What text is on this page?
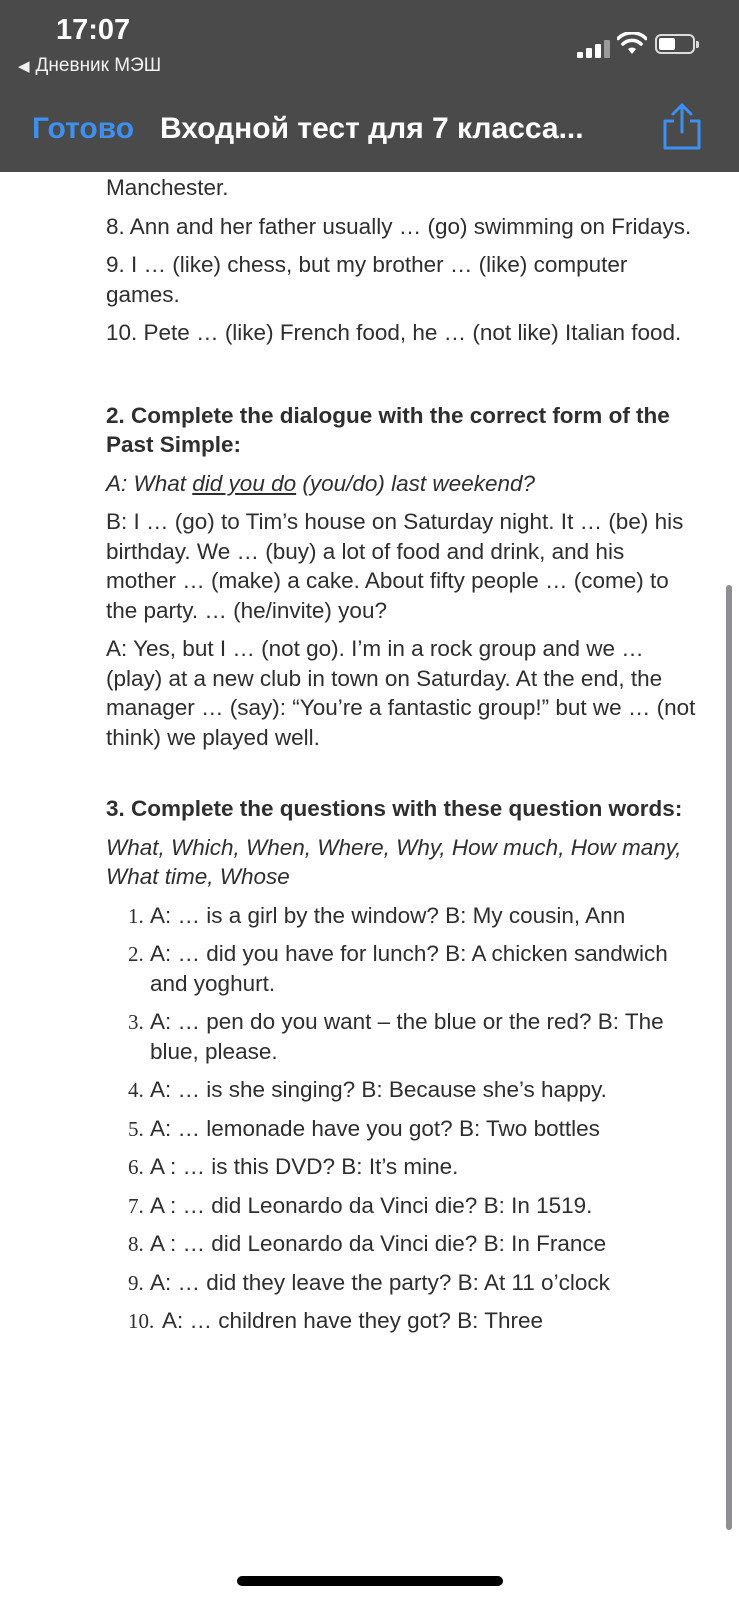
17:07
◀ Дневник МЭШ
Готово Входной тест для 7 класса...

Manchester.

8. Ann and her father usually … (go) swimming on Fridays.

9. I … (like) chess, but my brother … (like) computer games.

10. Pete … (like) French food, he … (not like) Italian food.

2. Complete the dialogue with the correct form of the Past Simple:

A: What did you do (you/do) last weekend?

B: I … (go) to Tim’s house on Saturday night. It … (be) his birthday. We … (buy) a lot of food and drink, and his mother … (make) a cake. About fifty people … (come) to the party. … (he/invite) you?

A: Yes, but I … (not go). I’m in a rock group and we … (play) at a new club in town on Saturday. At the end, the manager … (say): “You’re a fantastic group!” but we … (not think) we played well.

3. Complete the questions with these question words:

What, Which, When, Where, Why, How much, How many, What time, Whose

1. A: … is a girl by the window? B: My cousin, Ann
2. A: … did you have for lunch? B: A chicken sandwich and yoghurt.
3. A: … pen do you want – the blue or the red? B: The blue, please.
4. A: … is she singing? B: Because she’s happy.
5. A: … lemonade have you got? B: Two bottles
6. A : … is this DVD? B: It’s mine.
7. A : … did Leonardo da Vinci die? B: In 1519.
8. A : … did Leonardo da Vinci die? B: In France
9. A: … did they leave the party? B: At 11 o’clock
10. A: … children have they got? B: Three
